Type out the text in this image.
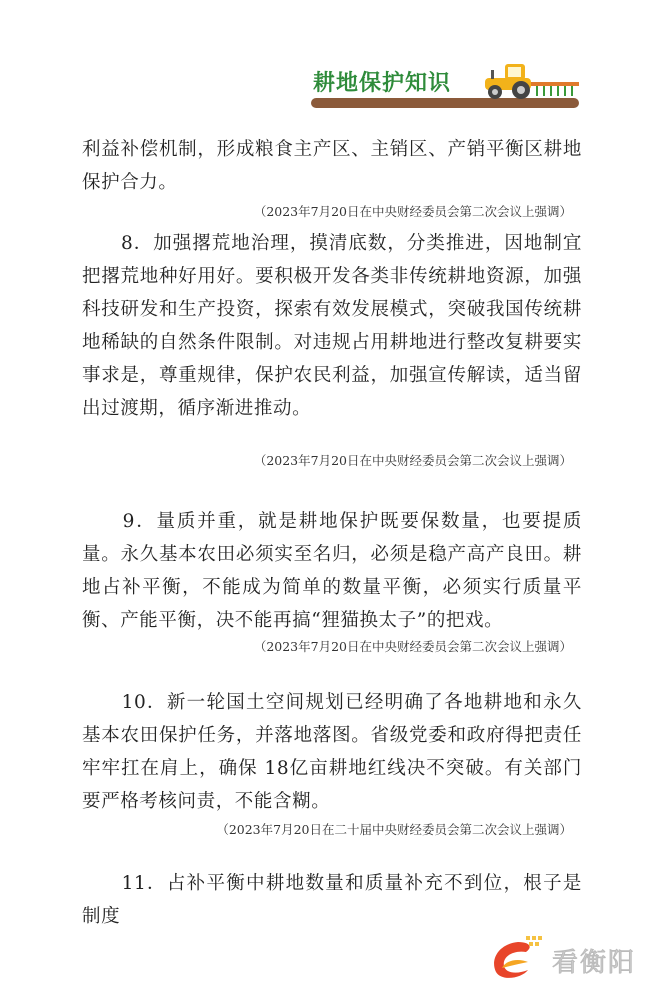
耕地保护知识

利益补偿机制，形成粮食主产区、主销区、产销平衡区耕地保护合力。

（2023年7月20日在中央财经委员会第二次会议上强调）

　　8．加强撂荒地治理，摸清底数，分类推进，因地制宜把撂荒地种好用好。要积极开发各类非传统耕地资源，加强科技研发和生产投资，探索有效发展模式，突破我国传统耕地稀缺的自然条件限制。对违规占用耕地进行整改复耕要实事求是，尊重规律，保护农民利益，加强宣传解读，适当留出过渡期，循序渐进推动。

（2023年7月20日在中央财经委员会第二次会议上强调）

　　9．量质并重，就是耕地保护既要保数量，也要提质量。永久基本农田必须实至名归，必须是稳产高产良田。耕地占补平衡，不能成为简单的数量平衡，必须实行质量平衡、产能平衡，决不能再搞“狸猫换太子”的把戏。

（2023年7月20日在中央财经委员会第二次会议上强调）

　　10．新一轮国土空间规划已经明确了各地耕地和永久基本农田保护任务，并落地落图。省级党委和政府得把责任牢牢扛在肩上，确保 18亿亩耕地红线决不突破。有关部门要严格考核问责，不能含糊。

（2023年7月20日在二十届中央财经委员会第二次会议上强调）

　　11．占补平衡中耕地数量和质量补充不到位，根子是制度

看衡阳
